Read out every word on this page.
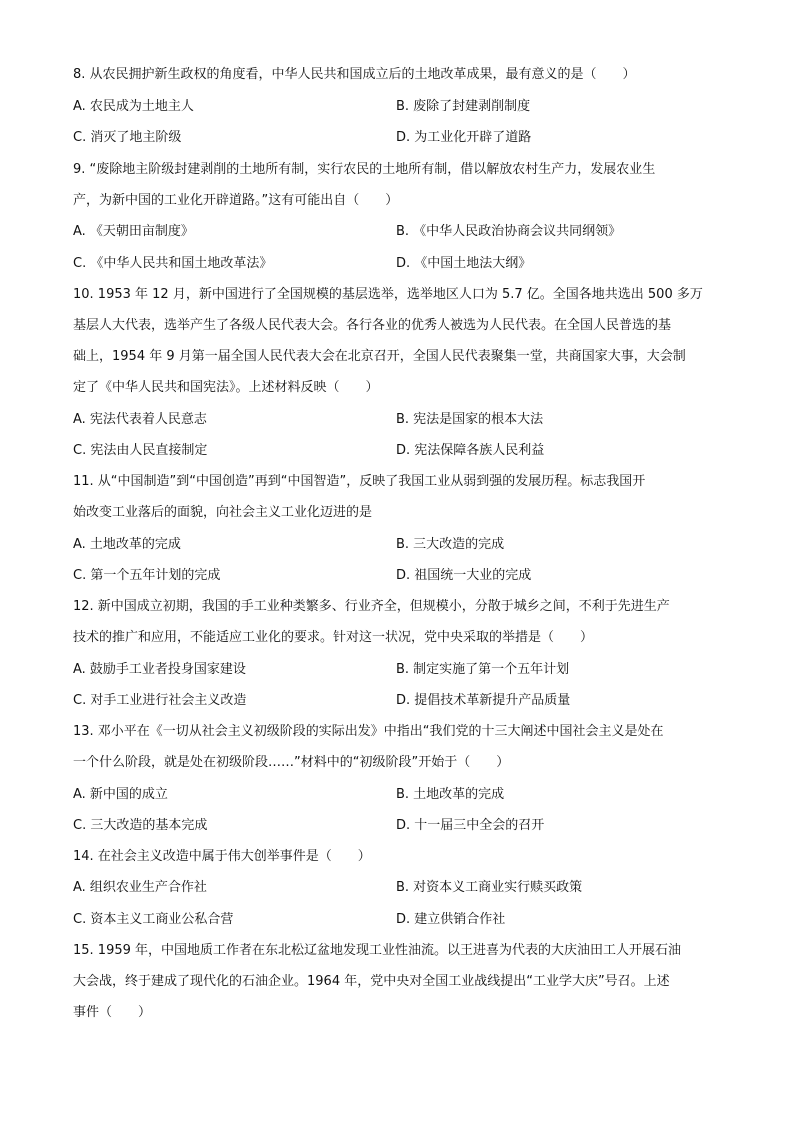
8. 从农民拥护新生政权的角度看，中华人民共和国成立后的土地改革成果，最有意义的是（　　）
A. 农民成为土地主人	B. 废除了封建剥削制度
C. 消灭了地主阶级	D. 为工业化开辟了道路
9. “废除地主阶级封建剥削的土地所有制，实行农民的土地所有制，借以解放农村生产力，发展农业生
产，为新中国的工业化开辟道路。”这有可能出自（　　）
A. 《天朝田亩制度》	B. 《中华人民政治协商会议共同纲领》
C. 《中华人民共和国土地改革法》	D. 《中国土地法大纲》
10. 1953 年 12 月，新中国进行了全国规模的基层选举，选举地区人口为 5.7 亿。全国各地共选出 500 多万
基层人大代表，选举产生了各级人民代表大会。各行各业的优秀人被选为人民代表。在全国人民普选的基
础上，1954 年 9 月第一届全国人民代表大会在北京召开，全国人民代表聚集一堂，共商国家大事，大会制
定了《中华人民共和国宪法》。上述材料反映（　　）
A. 宪法代表着人民意志	B. 宪法是国家的根本大法
C. 宪法由人民直接制定	D. 宪法保障各族人民利益
11. 从“中国制造”到“中国创造”再到“中国智造”，反映了我国工业从弱到强的发展历程。标志我国开
始改变工业落后的面貌，向社会主义工业化迈进的是
A. 土地改革的完成	B. 三大改造的完成
C. 第一个五年计划的完成	D. 祖国统一大业的完成
12. 新中国成立初期，我国的手工业种类繁多、行业齐全，但规模小，分散于城乡之间，不利于先进生产
技术的推广和应用，不能适应工业化的要求。针对这一状况，党中央采取的举措是（　　）
A. 鼓励手工业者投身国家建设	B. 制定实施了第一个五年计划
C. 对手工业进行社会主义改造	D. 提倡技术革新提升产品质量
13. 邓小平在《一切从社会主义初级阶段的实际出发》中指出“我们党的十三大阐述中国社会主义是处在
一个什么阶段，就是处在初级阶段……”材料中的“初级阶段”开始于（　　）
A. 新中国的成立	B. 土地改革的完成
C. 三大改造的基本完成	D. 十一届三中全会的召开
14. 在社会主义改造中属于伟大创举事件是（　　）
A. 组织农业生产合作社	B. 对资本义工商业实行赎买政策
C. 资本主义工商业公私合营	D. 建立供销合作社
15. 1959 年，中国地质工作者在东北松辽盆地发现工业性油流。以王进喜为代表的大庆油田工人开展石油
大会战，终于建成了现代化的石油企业。1964 年，党中央对全国工业战线提出“工业学大庆”号召。上述
事件（　　）
